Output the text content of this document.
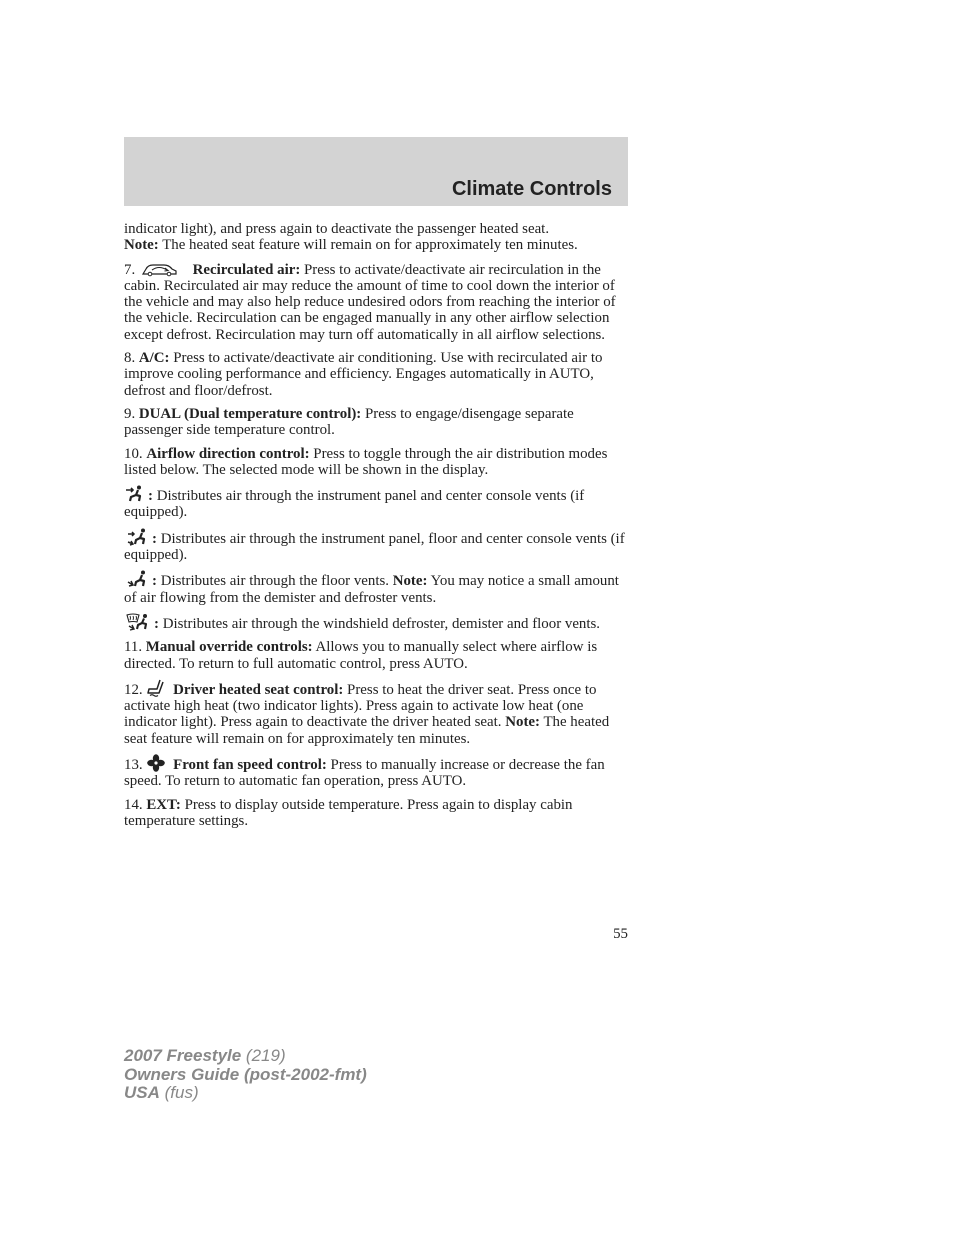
Climate Controls

indicator light), and press again to deactivate the passenger heated seat.
Note: The heated seat feature will remain on for approximately ten minutes.

7.	Recirculated air: Press to activate/deactivate air recirculation in the cabin. Recirculated air may reduce the amount of time to cool down the interior of the vehicle and may also help reduce undesired odors from reaching the interior of the vehicle. Recirculation can be engaged manually in any other airflow selection except defrost. Recirculation may turn off automatically in all airflow selections.

8. A/C: Press to activate/deactivate air conditioning. Use with recirculated air to improve cooling performance and efficiency. Engages automatically in AUTO, defrost and floor/defrost.

9. DUAL (Dual temperature control): Press to engage/disengage separate passenger side temperature control.

10. Airflow direction control: Press to toggle through the air distribution modes listed below. The selected mode will be shown in the display.

: Distributes air through the instrument panel and center console vents (if equipped).

: Distributes air through the instrument panel, floor and center console vents (if equipped).

: Distributes air through the floor vents. Note: You may notice a small amount of air flowing from the demister and defroster vents.

: Distributes air through the windshield defroster, demister and floor vents.

11. Manual override controls: Allows you to manually select where airflow is directed. To return to full automatic control, press AUTO.

12. Driver heated seat control: Press to heat the driver seat. Press once to activate high heat (two indicator lights). Press again to activate low heat (one indicator light). Press again to deactivate the driver heated seat. Note: The heated seat feature will remain on for approximately ten minutes.

13. Front fan speed control: Press to manually increase or decrease the fan speed. To return to automatic fan operation, press AUTO.

14. EXT: Press to display outside temperature. Press again to display cabin temperature settings.

55
2007 Freestyle (219)
Owners Guide (post-2002-fmt)
USA (fus)
